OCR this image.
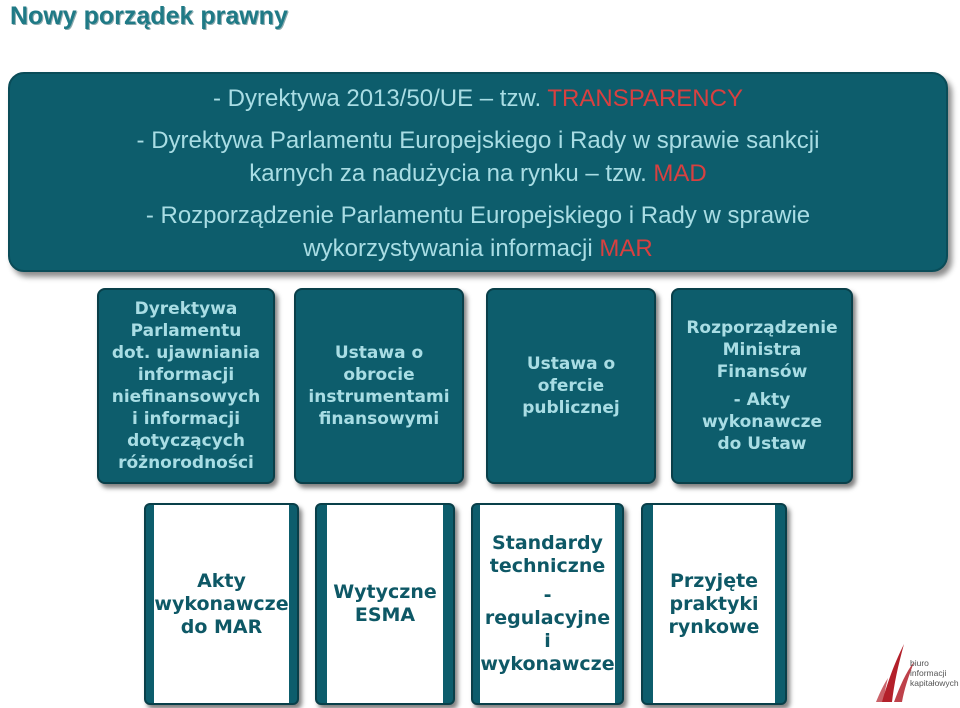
Nowy porządek prawny
- Dyrektywa 2013/50/UE – tzw. TRANSPARENCY
- Dyrektywa Parlamentu Europejskiego i Rady w sprawie sankcji
karnych za nadużycia na rynku – tzw. MAD
- Rozporządzenie Parlamentu Europejskiego i Rady w sprawie
wykorzystywania informacji MAR
Dyrektywa
Parlamentu
dot. ujawniania
informacji
niefinansowych
i informacji
dotyczących
różnorodności
Ustawa o
obrocie
instrumentami
finansowymi
Ustawa o
ofercie
publicznej
Rozporządzenie
Ministra
Finansów
- Akty
wykonawcze
do Ustaw
Akty
wykonawcze
do MAR
Wytyczne
ESMA
Standardy
techniczne
-
regulacyjne i
wykonawcze
Przyjęte
praktyki
rynkowe
biuro
informacji
kapitałowych
